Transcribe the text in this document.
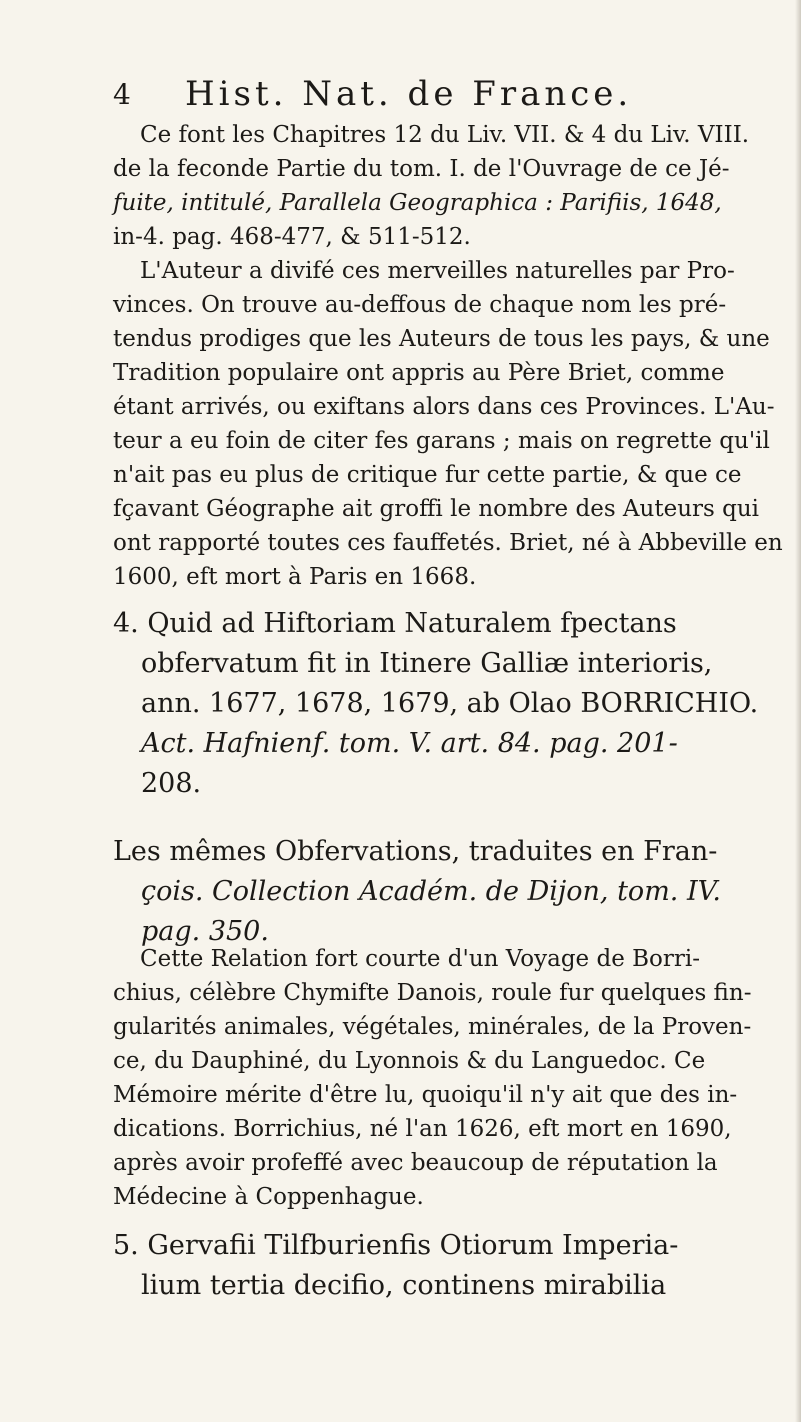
4 Hist. Nat. de France.
Ce font les Chapitres 12 du Liv. VII. & 4 du Liv. VIII.
de la feconde Partie du tom. I. de l'Ouvrage de ce Jé-
fuite, intitulé, Parallela Geographica : Parifiis, 1648,
in-4. pag. 468-477, & 511-512.
L'Auteur a divifé ces merveilles naturelles par Pro-
vinces. On trouve au-deffous de chaque nom les pré-
tendus prodiges que les Auteurs de tous les pays, & une
Tradition populaire ont appris au Père Briet, comme
étant arrivés, ou exiftans alors dans ces Provinces. L'Au-
teur a eu foin de citer fes garans ; mais on regrette qu'il
n'ait pas eu plus de critique fur cette partie, & que ce
fçavant Géographe ait groffi le nombre des Auteurs qui
ont rapporté toutes ces fauffetés. Briet, né à Abbeville en
1600, eft mort à Paris en 1668.
4. Quid ad Hiftoriam Naturalem fpectans
obfervatum fit in Itinere Galliæ interioris,
ann. 1677, 1678, 1679, ab Olao BORRICHIO.
Act. Hafnienf. tom. V. art. 84. pag. 201-
208.
Les mêmes Obfervations, traduites en Fran-
çois. Collection Académ. de Dijon, tom. IV.
pag. 350.
Cette Relation fort courte d'un Voyage de Borri-
chius, célèbre Chymifte Danois, roule fur quelques fin-
gularités animales, végétales, minérales, de la Proven-
ce, du Dauphiné, du Lyonnois & du Languedoc. Ce
Mémoire mérite d'être lu, quoiqu'il n'y ait que des in-
dications. Borrichius, né l'an 1626, eft mort en 1690,
après avoir profeffé avec beaucoup de réputation la
Médecine à Coppenhague.
5. Gervafii Tilfburienfis Otiorum Imperia-
lium tertia decifio, continens mirabilia
